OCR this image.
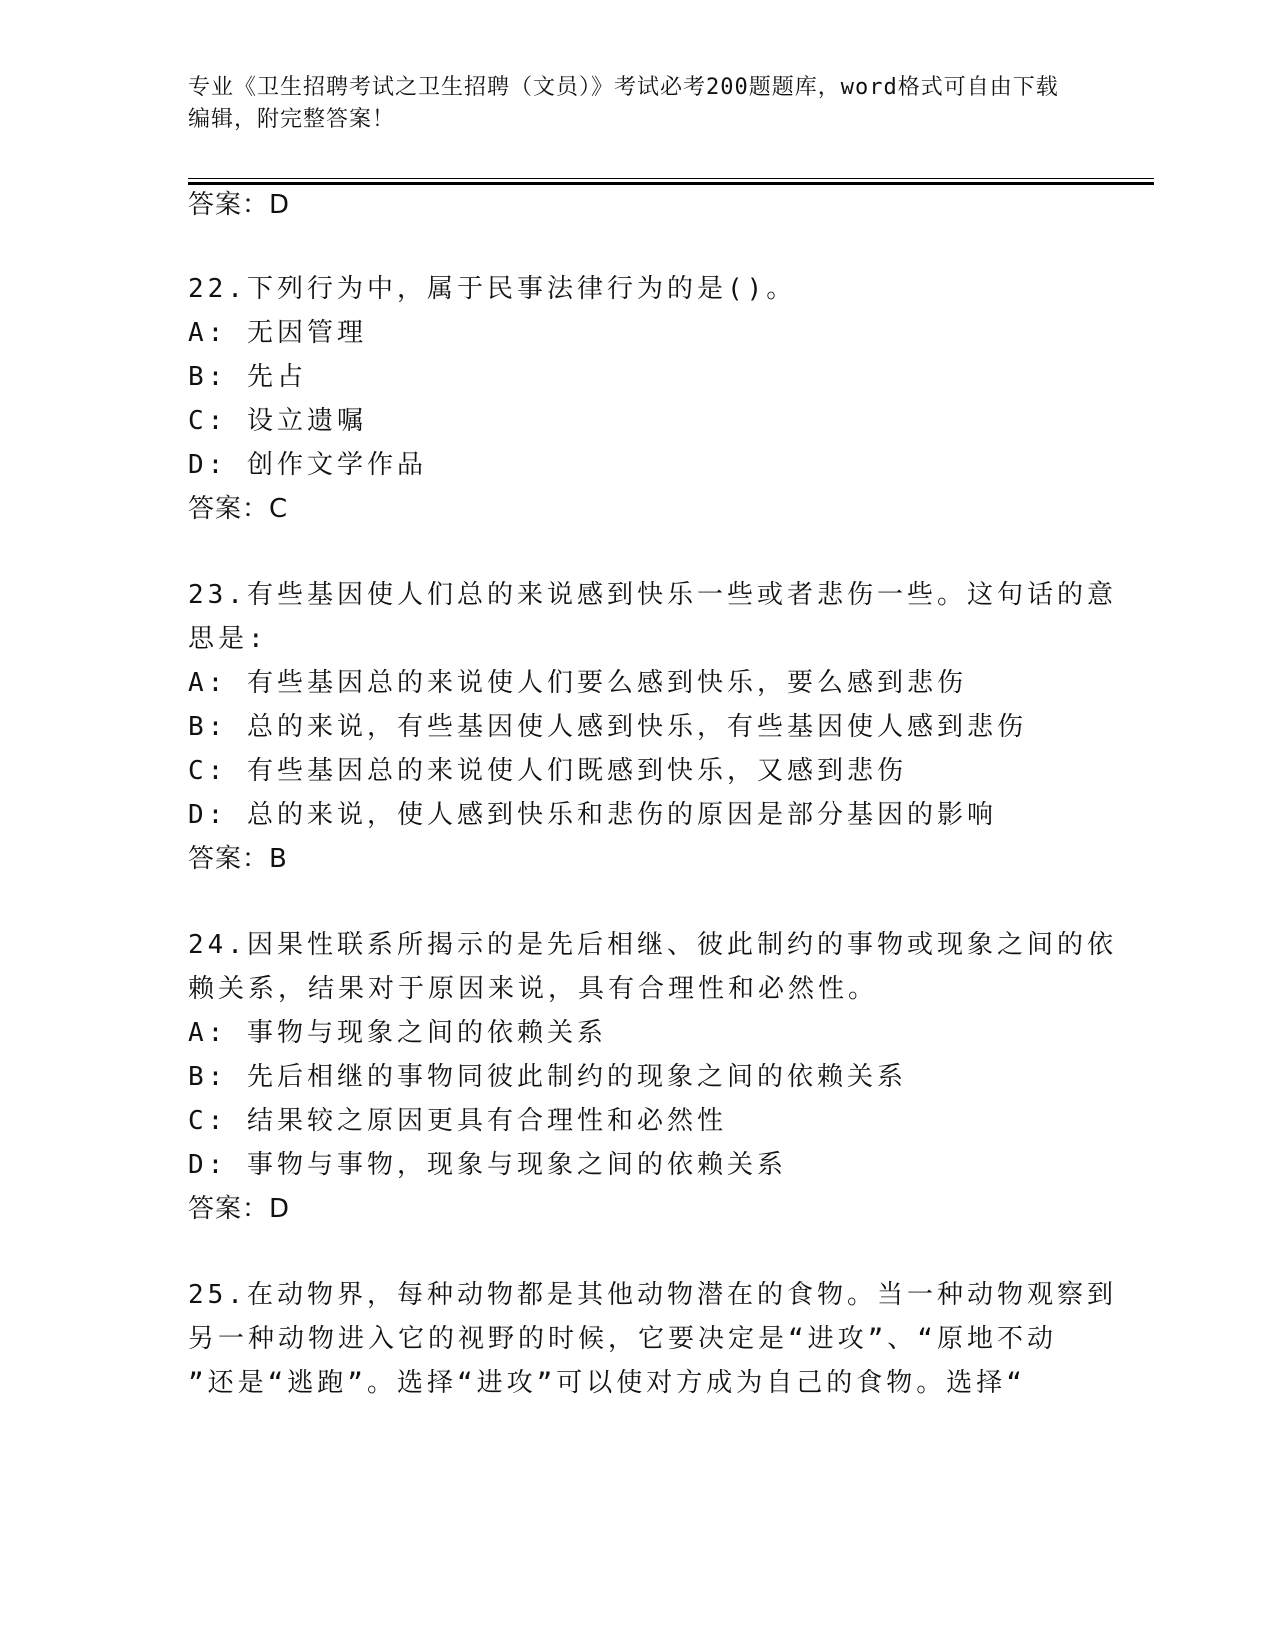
专业《卫生招聘考试之卫生招聘（文员）》考试必考200题题库，word格式可自由下载编辑，附完整答案！
答案：D
22.下列行为中，属于民事法律行为的是()。
A: 无因管理
B: 先占
C: 设立遗嘱
D: 创作文学作品
答案：C
23.有些基因使人们总的来说感到快乐一些或者悲伤一些。这句话的意
思是:
A: 有些基因总的来说使人们要么感到快乐，要么感到悲伤
B: 总的来说，有些基因使人感到快乐，有些基因使人感到悲伤
C: 有些基因总的来说使人们既感到快乐，又感到悲伤
D: 总的来说，使人感到快乐和悲伤的原因是部分基因的影响
答案：B
24.因果性联系所揭示的是先后相继、彼此制约的事物或现象之间的依
赖关系，结果对于原因来说，具有合理性和必然性。
A: 事物与现象之间的依赖关系
B: 先后相继的事物同彼此制约的现象之间的依赖关系
C: 结果较之原因更具有合理性和必然性
D: 事物与事物，现象与现象之间的依赖关系
答案：D
25.在动物界，每种动物都是其他动物潜在的食物。当一种动物观察到
另一种动物进入它的视野的时候，它要决定是“进攻”、“原地不动
”还是“逃跑”。选择“进攻”可以使对方成为自己的食物。选择“
